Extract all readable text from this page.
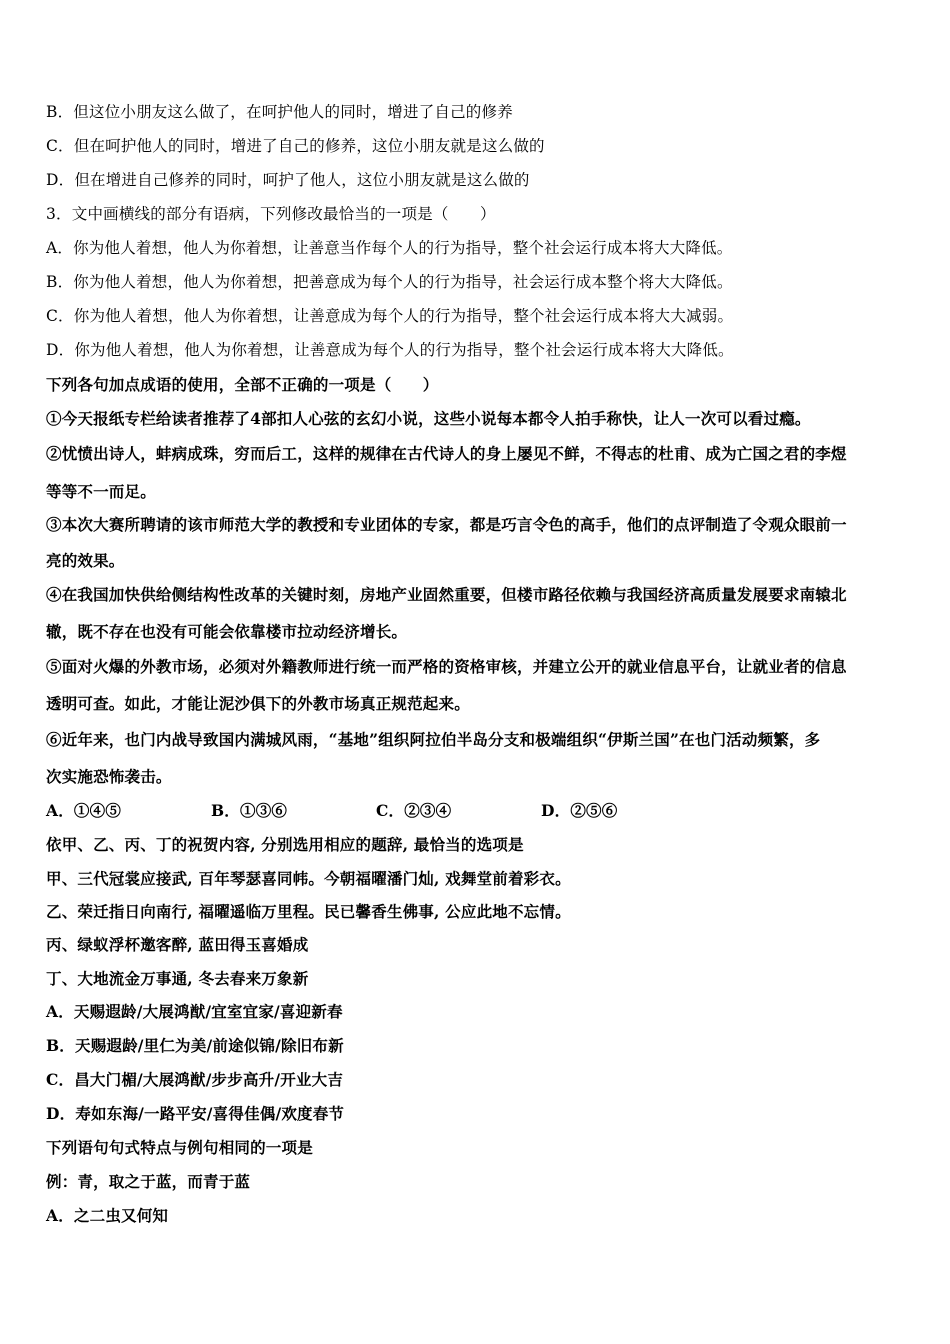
B．但这位小朋友这么做了，在呵护他人的同时，增进了自己的修养
C．但在呵护他人的同时，增进了自己的修养，这位小朋友就是这么做的
D．但在增进自己修养的同时，呵护了他人，这位小朋友就是这么做的
3．文中画横线的部分有语病，下列修改最恰当的一项是（　　）
A．你为他人着想，他人为你着想，让善意当作每个人的行为指导，整个社会运行成本将大大降低。
B．你为他人着想，他人为你着想，把善意成为每个人的行为指导，社会运行成本整个将大大降低。
C．你为他人着想，他人为你着想，让善意成为每个人的行为指导，整个社会运行成本将大大减弱。
D．你为他人着想，他人为你着想，让善意成为每个人的行为指导，整个社会运行成本将大大降低。
下列各句加点成语的使用，全部不正确的一项是（　　）
①今天报纸专栏给读者推荐了4部扣人心弦的玄幻小说，这些小说每本都令人拍手称快，让人一次可以看过瘾。
②忧愤出诗人，蚌病成珠，穷而后工，这样的规律在古代诗人的身上屡见不鲜，不得志的杜甫、成为亡国之君的李煜
等等不一而足。
③本次大赛所聘请的该市师范大学的教授和专业团体的专家，都是巧言令色的高手，他们的点评制造了令观众眼前一
亮的效果。
④在我国加快供给侧结构性改革的关键时刻，房地产业固然重要，但楼市路径依赖与我国经济高质量发展要求南辕北
辙，既不存在也没有可能会依靠楼市拉动经济增长。
⑤面对火爆的外教市场，必须对外籍教师进行统一而严格的资格审核，并建立公开的就业信息平台，让就业者的信息
透明可查。如此，才能让泥沙俱下的外教市场真正规范起来。
⑥近年来，也门内战导致国内满城风雨，“基地”组织阿拉伯半岛分支和极端组织“伊斯兰国”在也门活动频繁，多
次实施恐怖袭击。
A．①④⑤	B．①③⑥	C．②③④	D．②⑤⑥
依甲、乙、丙、丁的祝贺内容, 分别选用相应的题辞, 最恰当的选项是
甲、三代冠裳应接武, 百年琴瑟喜同帏。今朝福曜潘门灿, 戏舞堂前着彩衣。
乙、荣迁指日向南行, 福曜遥临万里程。民已馨香生佛事, 公应此地不忘情。
丙、绿蚁浮杯邀客醉, 蓝田得玉喜婚成
丁、大地流金万事通, 冬去春来万象新
A．天赐遐龄/大展鸿猷/宜室宜家/喜迎新春
B．天赐遐龄/里仁为美/前途似锦/除旧布新
C．昌大门楣/大展鸿猷/步步高升/开业大吉
D．寿如东海/一路平安/喜得佳偶/欢度春节
下列语句句式特点与例句相同的一项是
例：青，取之于蓝，而青于蓝
A．之二虫又何知
